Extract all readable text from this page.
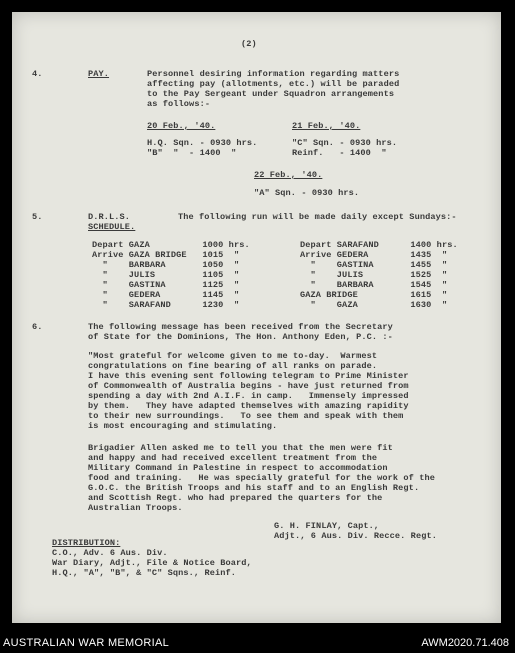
(2)
4.	PAY.	Personnel desiring information regarding matters
affecting pay (allotments, etc.) will be paraded
to the Pay Sergeant under Squadron arrangements
as follows:-
20 Feb., '40.	21 Feb., '40.
H.Q. Sqn. - 0930 hrs.	"C" Sqn. - 0930 hrs.
"B"  "  - 1400  "	Reinf.   - 1400  "
22 Feb., '40.
"A" Sqn. - 0930 hrs.
5.	D.R.L.S.
SCHEDULE.
The following run will be made daily except Sundays:-
Depart GAZA          1000 hrs.
Arrive GAZA BRIDGE   1015  "
"    BARBARA       1050  "
"    JULIS         1105  "
"    GASTINA       1125  "
"    GEDERA        1145  "
"    SARAFAND      1230  "
Depart SARAFAND      1400 hrs.
Arrive GEDERA        1435  "
"    GASTINA       1455  "
"    JULIS         1525  "
"    BARBARA       1545  "
GAZA BRIDGE          1615  "
"    GAZA          1630  "
6.	The following message has been received from the Secretary
of State for the Dominions, The Hon. Anthony Eden, P.C. :-
"Most grateful for welcome given to me to-day.  Warmest
congratulations on fine bearing of all ranks on parade.
I have this evening sent following telegram to Prime Minister
of Commonwealth of Australia begins - have just returned from
spending a day with 2nd A.I.F. in camp.   Immensely impressed
by them.   They have adapted themselves with amazing rapidity
to their new surroundings.   To see them and speak with them
is most encouraging and stimulating.
Brigadier Allen asked me to tell you that the men were fit
and happy and had received excellent treatment from the
Military Command in Palestine in respect to accommodation
food and training.   He was specially grateful for the work of the
G.O.C. the British Troops and his staff and to an English Regt.
and Scottish Regt. who had prepared the quarters for the
Australian Troops.
G. H. FINLAY, Capt.,
Adjt., 6 Aus. Div. Recce. Regt.
DISTRIBUTION:
C.O., Adv. 6 Aus. Div.
War Diary, Adjt., File & Notice Board,
H.Q., "A", "B", & "C" Sqns., Reinf.
AUSTRALIAN WAR MEMORIAL	AWM2020.71.408
